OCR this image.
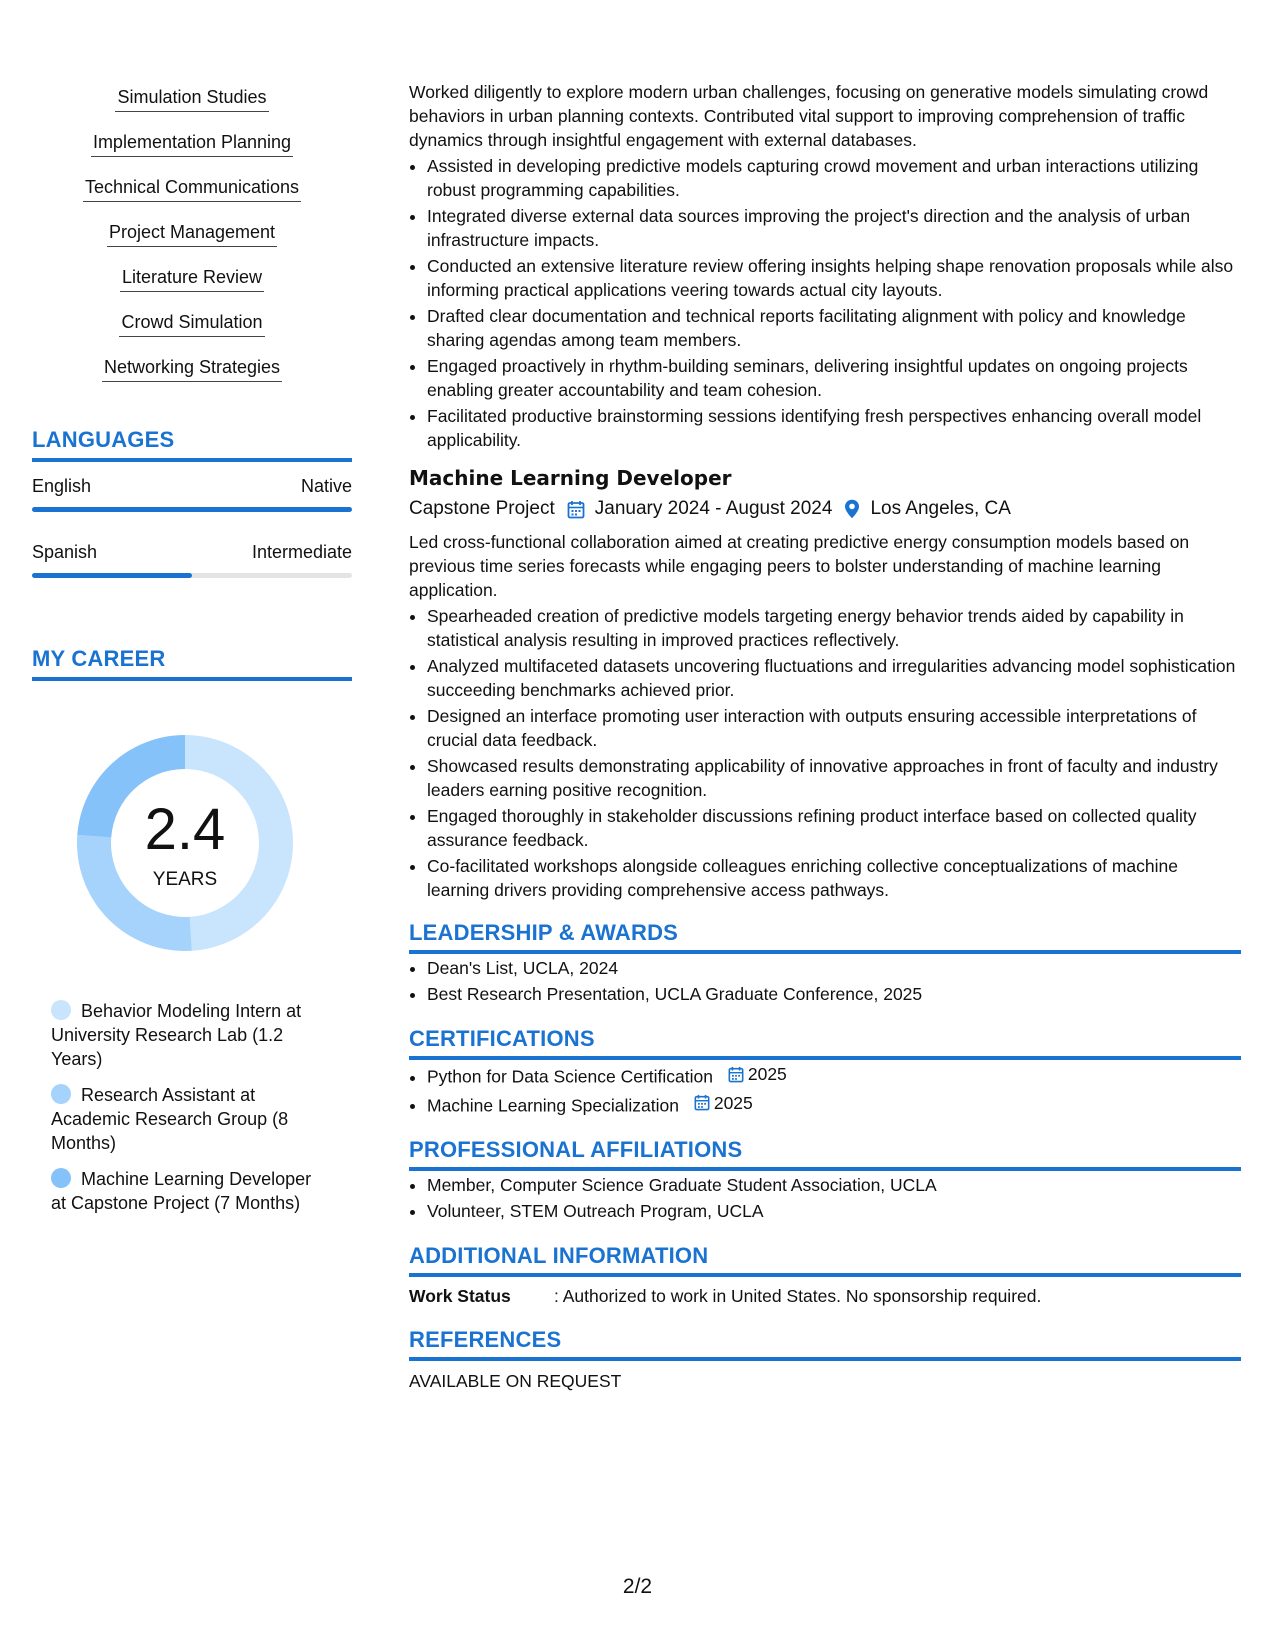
Simulation Studies
Implementation Planning
Technical Communications
Project Management
Literature Review
Crowd Simulation
Networking Strategies
LANGUAGES
English	Native
Spanish	Intermediate
MY CAREER
2.4
YEARS
Behavior Modeling Intern at University Research Lab (1.2 Years)
Research Assistant at Academic Research Group (8 Months)
Machine Learning Developer at Capstone Project (7 Months)
Worked diligently to explore modern urban challenges, focusing on generative models simulating crowd behaviors in urban planning contexts. Contributed vital support to improving comprehension of traffic dynamics through insightful engagement with external databases.
• Assisted in developing predictive models capturing crowd movement and urban interactions utilizing robust programming capabilities.
• Integrated diverse external data sources improving the project's direction and the analysis of urban infrastructure impacts.
• Conducted an extensive literature review offering insights helping shape renovation proposals while also informing practical applications veering towards actual city layouts.
• Drafted clear documentation and technical reports facilitating alignment with policy and knowledge sharing agendas among team members.
• Engaged proactively in rhythm-building seminars, delivering insightful updates on ongoing projects enabling greater accountability and team cohesion.
• Facilitated productive brainstorming sessions identifying fresh perspectives enhancing overall model applicability.
Machine Learning Developer
Capstone Project January 2024 - August 2024 Los Angeles, CA
Led cross-functional collaboration aimed at creating predictive energy consumption models based on previous time series forecasts while engaging peers to bolster understanding of machine learning application.
• Spearheaded creation of predictive models targeting energy behavior trends aided by capability in statistical analysis resulting in improved practices reflectively.
• Analyzed multifaceted datasets uncovering fluctuations and irregularities advancing model sophistication succeeding benchmarks achieved prior.
• Designed an interface promoting user interaction with outputs ensuring accessible interpretations of crucial data feedback.
• Showcased results demonstrating applicability of innovative approaches in front of faculty and industry leaders earning positive recognition.
• Engaged thoroughly in stakeholder discussions refining product interface based on collected quality assurance feedback.
• Co-facilitated workshops alongside colleagues enriching collective conceptualizations of machine learning drivers providing comprehensive access pathways.
LEADERSHIP & AWARDS
• Dean's List, UCLA, 2024
• Best Research Presentation, UCLA Graduate Conference, 2025
CERTIFICATIONS
• Python for Data Science Certification 2025
• Machine Learning Specialization 2025
PROFESSIONAL AFFILIATIONS
• Member, Computer Science Graduate Student Association, UCLA
• Volunteer, STEM Outreach Program, UCLA
ADDITIONAL INFORMATION
Work Status	: Authorized to work in United States. No sponsorship required.
REFERENCES
AVAILABLE ON REQUEST
2/2
